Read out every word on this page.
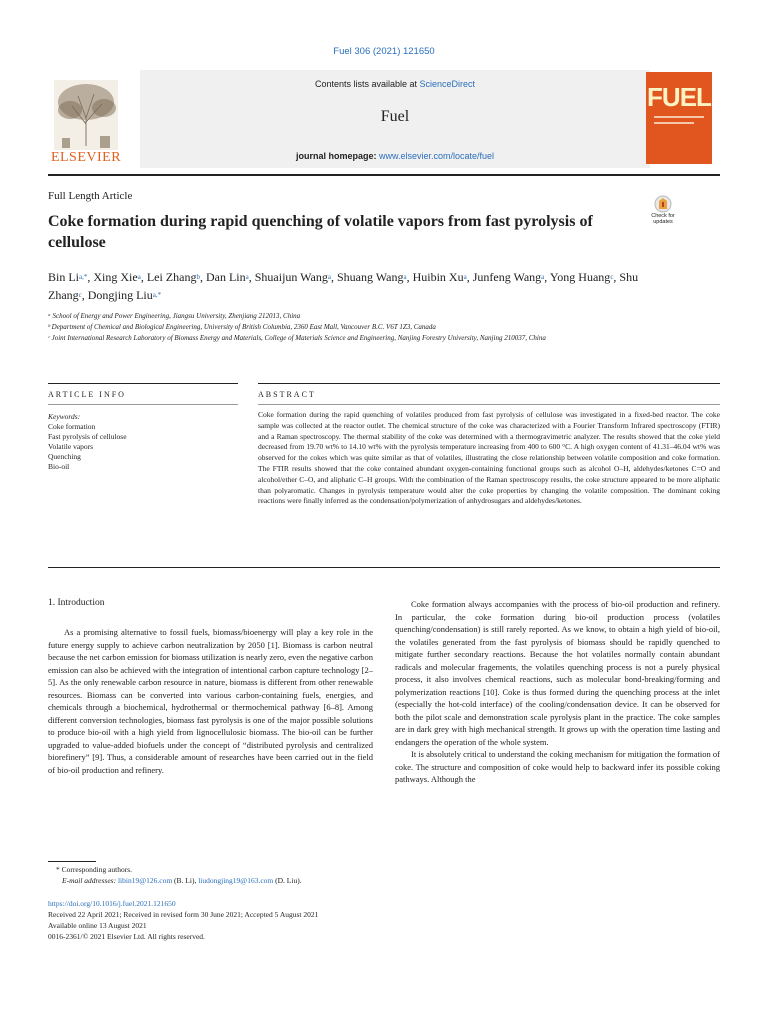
Fuel 306 (2021) 121650
ELSEVIER
Contents lists available at ScienceDirect
Fuel
journal homepage: www.elsevier.com/locate/fuel
FUEL
Full Length Article
Coke formation during rapid quenching of volatile vapors from fast pyrolysis of cellulose
Check for updates
Bin $Li^{a,*}$, Xing Xie$^a$, Lei Zhang$^b$, Dan Lin$^a$, Shuaijun Wang$^a$, Shuang Wang$^a$, Huibin Xu$^a$, Junfeng Wang$^a$, Yong Huang$^c$, Shu Zhang$^c$, Dongjing Liu$^{a,*}$
ᵃ School of Energy and Power Engineering, Jiangsu University, Zhenjiang 212013, China
ᵇ Department of Chemical and Biological Engineering, University of British Columbia, 2360 East Mall, Vancouver B.C. V6T 1Z3, Canada
ᶜ Joint International Research Laboratory of Biomass Energy and Materials, College of Materials Science and Engineering, Nanjing Forestry University, Nanjing 210037, China
ARTICLE INFO	ABSTRACT
Keywords:
Coke formation
Fast pyrolysis of cellulose
Volatile vapors
Quenching
Bio-oil
Coke formation during the rapid quenching of volatiles produced from fast pyrolysis of cellulose was investigated in a fixed-bed reactor. The coke sample was collected at the reactor outlet. The chemical structure of the coke was characterized with a Fourier Transform Infrared spectroscopy (FTIR) and a Raman spectroscopy. The thermal stability of the coke was determined with a thermogravimetric analyzer. The results showed that the coke yield decreased from 19.70 wt% to 14.10 wt% with the pyrolysis temperature increasing from 400 to 600 °C. A high oxygen content of 41.31–46.04 wt% was observed for the cokes which was quite similar as that of volatiles, illustrating the close relationship between volatile composition and coke formation. The FTIR results showed that the coke contained abundant oxygen-containing functional groups such as alcohol O–H, aldehydes/ketones C=O and alcohol/ether C–O, and aliphatic C–H groups. With the combination of the Raman spectroscopy results, the coke structure appeared to be more aliphatic than polyaromatic. Changes in pyrolysis temperature would alter the coke properties by changing the volatile composition. The dominant coking reactions were finally inferred as the condensation/polymerization of anhydrosugars and aldehydes/ketones.
1. Introduction

As a promising alternative to fossil fuels, biomass/bioenergy will play a key role in the future energy supply to achieve carbon neutralization by 2050 [1]. Biomass is carbon neutral because the net carbon emission for biomass utilization is nearly zero, even the negative carbon emission can also be achieved with the integration of intentional carbon capture technology [2–5]. As the only renewable carbon resource in nature, biomass is different from other renewable resources. Biomass can be converted into various carbon-containing fuels, energies, and chemicals through a biochemical, hydrothermal or thermochemical pathway [6–8]. Among different conversion technologies, biomass fast pyrolysis is one of the major possible solutions to produce bio-oil with a high yield from lignocellulosic biomass. The bio-oil can be further upgraded to value-added biofuels under the concept of “distributed pyrolysis and centralized biorefinery” [9]. Thus, a considerable amount of researches have been carried out in the field of bio-oil production and refinery.

Coke formation always accompanies with the process of bio-oil production and refinery. In particular, the coke formation during bio-oil production process (volatiles quenching/condensation) is still rarely reported. As we know, to obtain a high yield of bio-oil, the volatiles generated from the fast pyrolysis of biomass should be rapidly quenched to mitigate further secondary reactions. Because the hot volatiles normally contain abundant radicals and molecular fragements, the volatiles quenching process is not a purely physical process, it also involves chemical reactions, such as molecular bond-breaking/forming and polymerization reactions [10]. Coke is thus formed during the quenching process at the inlet (especially the hot-cold interface) of the cooling/condensation device. It can be observed for both the pilot scale and demonstration scale pyrolysis plant in the practice. The coke samples are in dark grey with high mechanical strength. It grows up with the operation time lasting and endangers the operation of the whole system.

It is absolutely critical to understand the coking mechanism for mitigation the formation of coke. The structure and composition of coke would help to backward infer its possible coking pathways. Although the

* Corresponding authors.
E-mail addresses: libin19@126.com (B. Li), liudongjing19@163.com (D. Liu).
https://doi.org/10.1016/j.fuel.2021.121650
Received 22 April 2021; Received in revised form 30 June 2021; Accepted 5 August 2021
Available online 13 August 2021
0016-2361/© 2021 Elsevier Ltd. All rights reserved.
